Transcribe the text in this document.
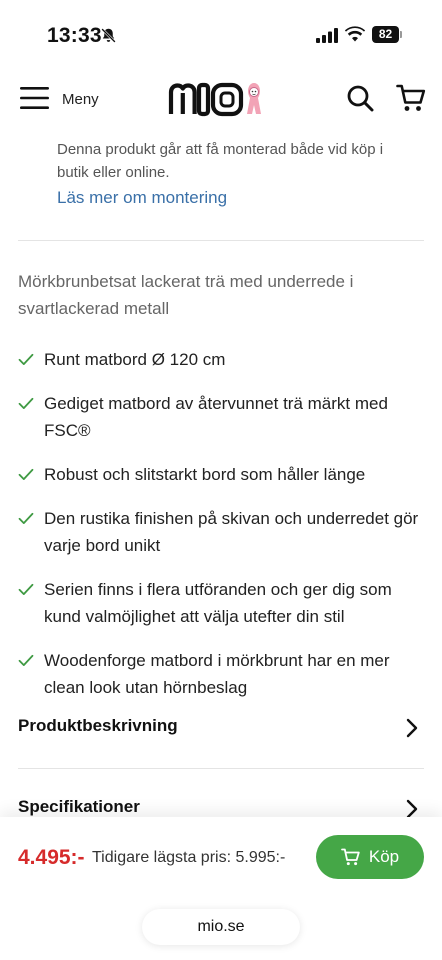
13:33	82
Meny

Denna produkt går att få monterad både vid köp i butik eller online.

Läs mer om montering

Mörkbrunbetsat lackerat trä med underrede i svartlackerad metall

Runt matbord Ø 120 cm
Gediget matbord av återvunnet trä märkt med FSC®
Robust och slitstarkt bord som håller länge
Den rustika finishen på skivan och underredet gör varje bord unikt
Serien finns i flera utföranden och ger dig som kund valmöjlighet att välja utefter din stil
Woodenforge matbord i mörkbrunt har en mer clean look utan hörnbeslag
Produktbeskrivning
Specifikationer
4.495:- Tidigare lägsta pris: 5.995:-	Köp
mio.se
